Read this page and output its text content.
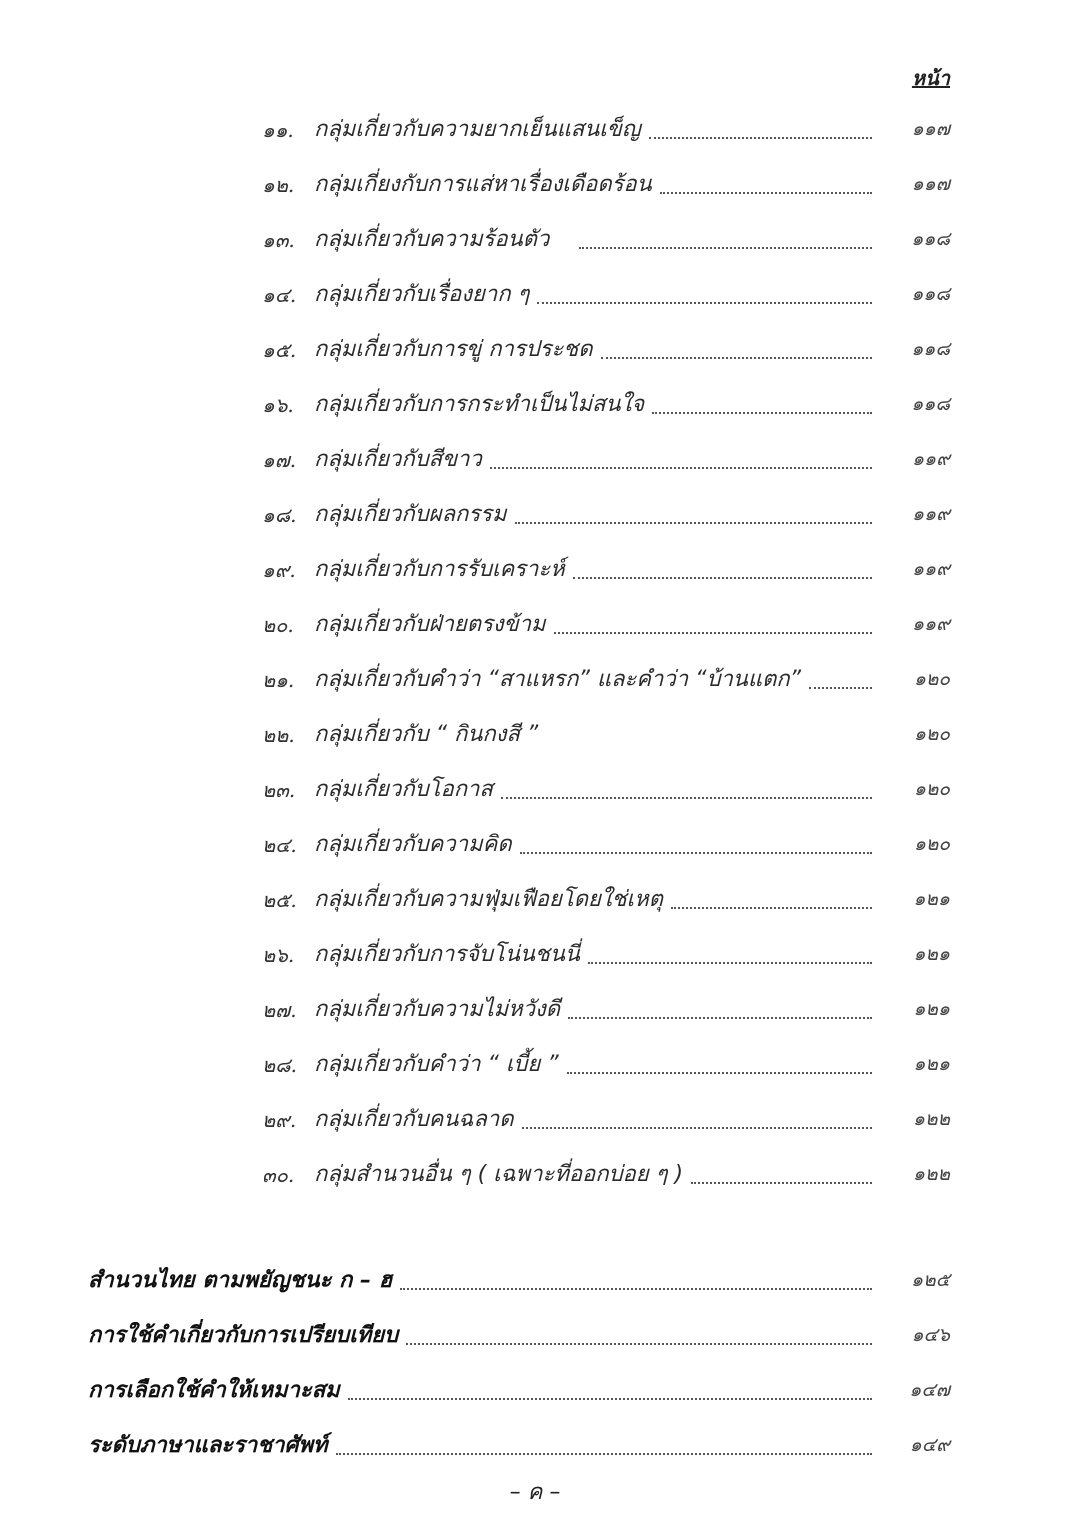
หน้า
๑๑. กลุ่มเกี่ยวกับความยากเย็นแสนเข็ญ	๑๑๗
๑๒. กลุ่มเกี่ยงกับการแส่หาเรื่องเดือดร้อน	๑๑๗
๑๓. กลุ่มเกี่ยวกับความร้อนตัว	๑๑๘
๑๔. กลุ่มเกี่ยวกับเรื่องยาก ๆ	๑๑๘
๑๕. กลุ่มเกี่ยวกับการขู่ การประชด	๑๑๘
๑๖. กลุ่มเกี่ยวกับการกระทำเป็นไม่สนใจ	๑๑๘
๑๗. กลุ่มเกี่ยวกับสีขาว	๑๑๙
๑๘. กลุ่มเกี่ยวกับผลกรรม	๑๑๙
๑๙. กลุ่มเกี่ยวกับการรับเคราะห์	๑๑๙
๒๐. กลุ่มเกี่ยวกับฝ่ายตรงข้าม	๑๑๙
๒๑. กลุ่มเกี่ยวกับคำว่า “สาแหรก” และคำว่า “บ้านแตก”	๑๒๐
๒๒. กลุ่มเกี่ยวกับ “ กินกงสี ”	๑๒๐
๒๓. กลุ่มเกี่ยวกับโอกาส	๑๒๐
๒๔. กลุ่มเกี่ยวกับความคิด	๑๒๐
๒๕. กลุ่มเกี่ยวกับความฟุ่มเฟือยโดยใช่เหตุ	๑๒๑
๒๖. กลุ่มเกี่ยวกับการจับโน่นชนนี่	๑๒๑
๒๗. กลุ่มเกี่ยวกับความไม่หวังดี	๑๒๑
๒๘. กลุ่มเกี่ยวกับคำว่า “ เบี้ย ”	๑๒๑
๒๙. กลุ่มเกี่ยวกับคนฉลาด	๑๒๒
๓๐. กลุ่มสำนวนอื่น ๆ ( เฉพาะที่ออกบ่อย ๆ )	๑๒๒
สำนวนไทย ตามพยัญชนะ ก – ฮ	๑๒๕
การใช้คำเกี่ยวกับการเปรียบเทียบ	๑๔๖
การเลือกใช้คำให้เหมาะสม	๑๔๗
ระดับภาษาและราชาศัพท์	๑๔๙
– ค –
